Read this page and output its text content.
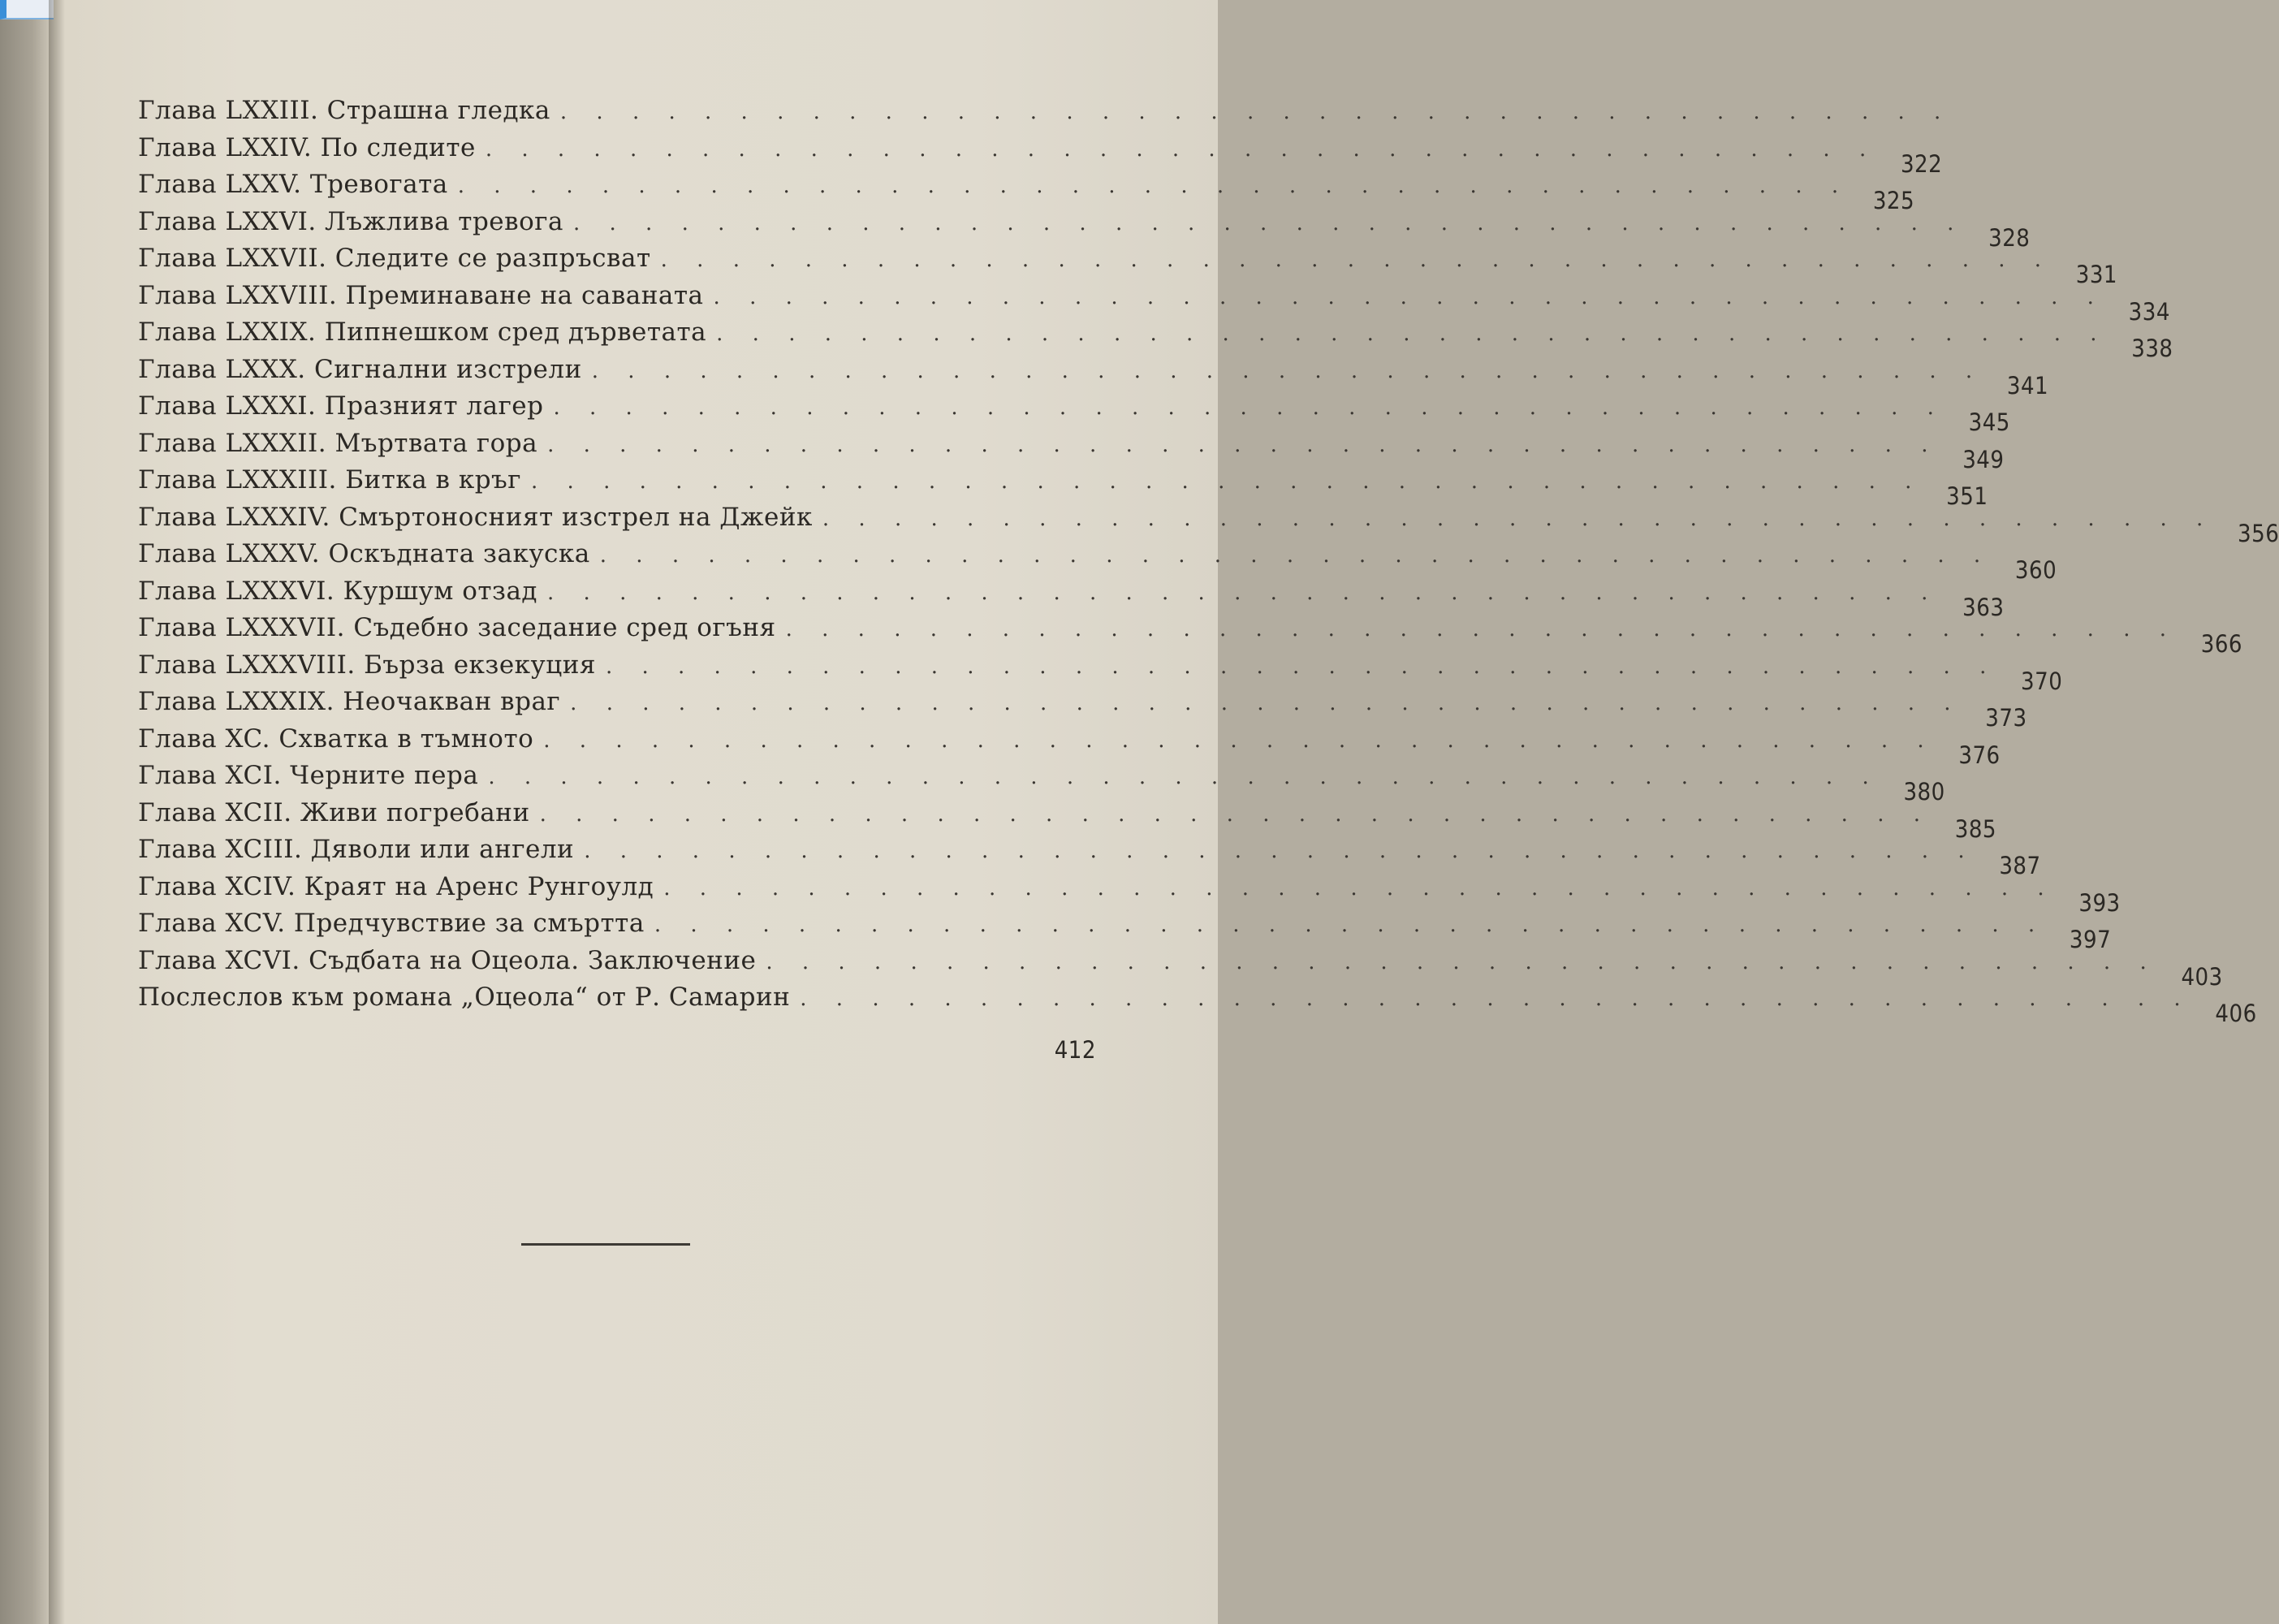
Глава LXXIII. Страшна гледка . . . . . . . . . . . . . . . . . . . . . . . . . . . . . . . . . . . . . . .
Глава LXXIV. По следите . . . . . . . . . . . . . . . . . . . . . . . . . . . . . . . . . . . . . . .
322
Глава LXXV. Тревогата . . . . . . . . . . . . . . . . . . . . . . . . . . . . . . . . . . . . . . .
325
Глава LXXVI. Лъжлива тревога . . . . . . . . . . . . . . . . . . . . . . . . . . . . . . . . . . . . . . .
328
Глава LXXVII. Следите се разпръсват . . . . . . . . . . . . . . . . . . . . . . . . . . . . . . . . . . . . . . .
331
Глава LXXVIII. Преминаване на саваната . . . . . . . . . . . . . . . . . . . . . . . . . . . . . . . . . . . . . . .
334
Глава LXXIX. Пипнешком сред дърветата . . . . . . . . . . . . . . . . . . . . . . . . . . . . . . . . . . . . . . .
338
Глава LXXX. Сигнални изстрели . . . . . . . . . . . . . . . . . . . . . . . . . . . . . . . . . . . . . . .
341
Глава LXXXI. Празният лагер . . . . . . . . . . . . . . . . . . . . . . . . . . . . . . . . . . . . . . .
345
Глава LXXXII. Мъртвата гора . . . . . . . . . . . . . . . . . . . . . . . . . . . . . . . . . . . . . . .
349
Глава LXXXIII. Битка в кръг . . . . . . . . . . . . . . . . . . . . . . . . . . . . . . . . . . . . . . .
351
Глава LXXXIV. Смъртоносният изстрел на Джейк . . . . . . . . . . . . . . . . . . . . . . . . . . . . . . . . . . . . . . .
356
Глава LXXXV. Оскъдната закуска . . . . . . . . . . . . . . . . . . . . . . . . . . . . . . . . . . . . . . .
360
Глава LXXXVI. Куршум отзад . . . . . . . . . . . . . . . . . . . . . . . . . . . . . . . . . . . . . . .
363
Глава LXXXVII. Съдебно заседание сред огъня . . . . . . . . . . . . . . . . . . . . . . . . . . . . . . . . . . . . . . .
366
Глава LXXXVIII. Бърза екзекуция . . . . . . . . . . . . . . . . . . . . . . . . . . . . . . . . . . . . . . .
370
Глава LXXXIX. Неочакван враг . . . . . . . . . . . . . . . . . . . . . . . . . . . . . . . . . . . . . . .
373
Глава XC. Схватка в тъмното . . . . . . . . . . . . . . . . . . . . . . . . . . . . . . . . . . . . . . .
376
Глава XCI. Черните пера . . . . . . . . . . . . . . . . . . . . . . . . . . . . . . . . . . . . . . .
380
Глава XCII. Живи погребани . . . . . . . . . . . . . . . . . . . . . . . . . . . . . . . . . . . . . . .
385
Глава XCIII. Дяволи или ангели . . . . . . . . . . . . . . . . . . . . . . . . . . . . . . . . . . . . . . .
387
Глава XCIV. Краят на Аренс Рунгоулд . . . . . . . . . . . . . . . . . . . . . . . . . . . . . . . . . . . . . . .
393
Глава XCV. Предчувствие за смъртта . . . . . . . . . . . . . . . . . . . . . . . . . . . . . . . . . . . . . . .
397
Глава XCVI. Съдбата на Оцеола. Заключение . . . . . . . . . . . . . . . . . . . . . . . . . . . . . . . . . . . . . . .
403
Послеслов към романа „Оцеола“ от Р. Самарин . . . . . . . . . . . . . . . . . . . . . . . . . . . . . . . . . . . . . . .
406
412
